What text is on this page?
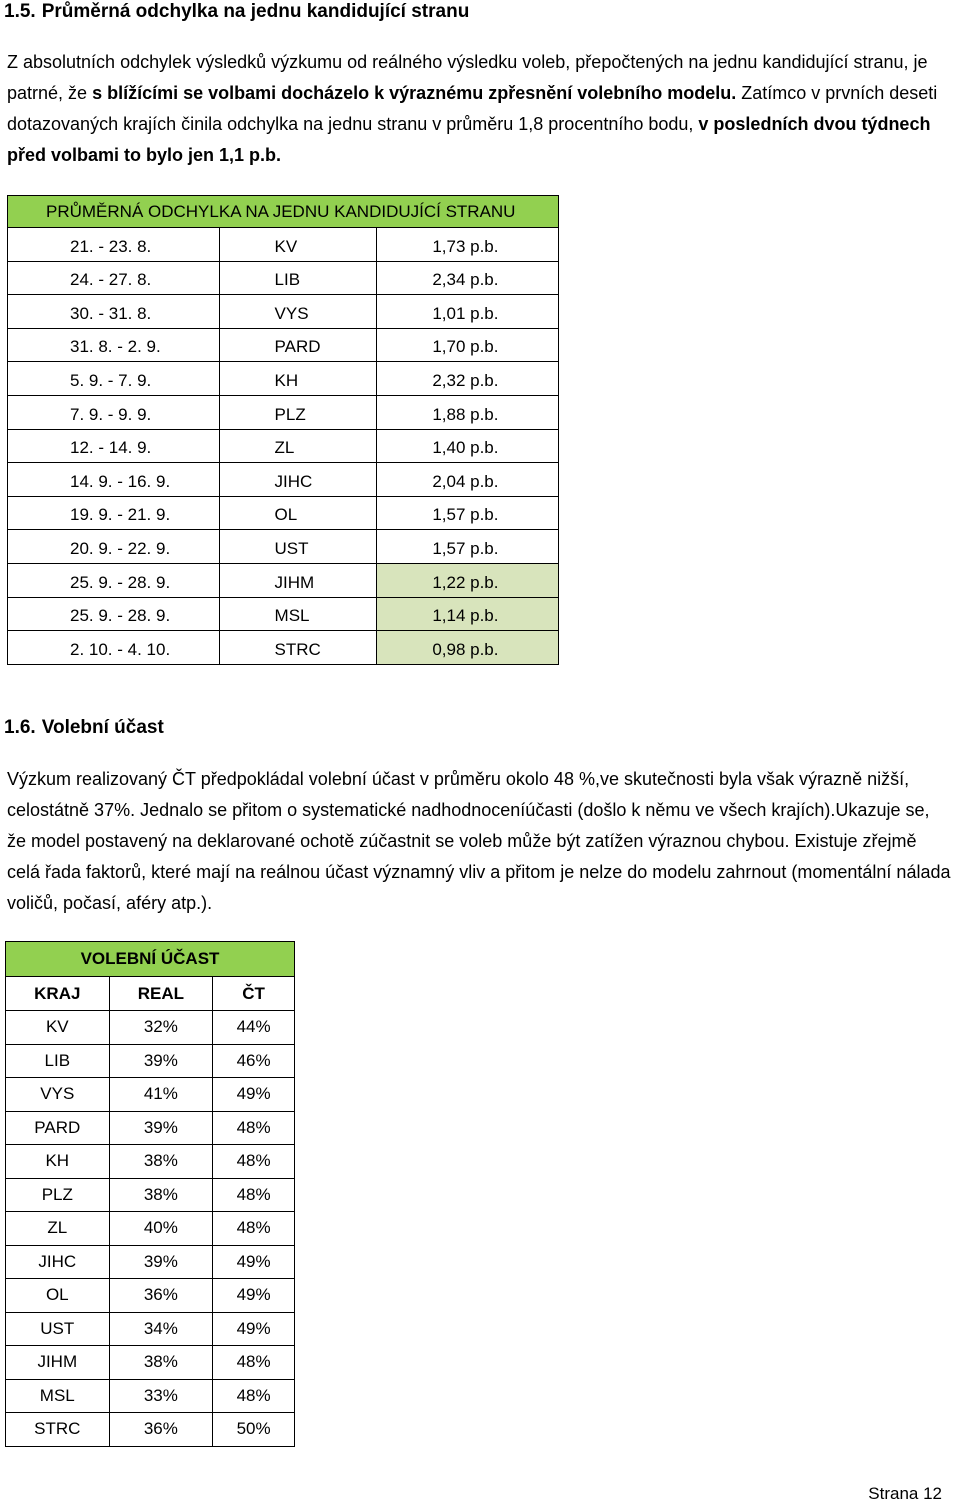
1.5. Průměrná odchylka na jednu kandidující stranu
Z absolutních odchylek výsledků výzkumu od reálného výsledku voleb, přepočtených na jednu kandidující stranu, je patrné, že s blížícími se volbami docházelo k výraznému zpřesnění volebního modelu. Zatímco v prvních deseti dotazovaných krajích činila odchylka na jednu stranu v průměru 1,8 procentního bodu, v posledních dvou týdnech před volbami to bylo jen 1,1 p.b.
PRŮMĚRNÁ ODCHYLKA NA JEDNU KANDIDUJÍCÍ STRANU		
21. - 23. 8.	KV	1,73 p.b.
24. - 27. 8.	LIB	2,34 p.b.
30. - 31. 8.	VYS	1,01 p.b.
31. 8. - 2. 9.	PARD	1,70 p.b.
5. 9. - 7. 9.	KH	2,32 p.b.
7. 9. - 9. 9.	PLZ	1,88 p.b.
12. - 14. 9.	ZL	1,40 p.b.
14. 9. - 16. 9.	JIHC	2,04 p.b.
19. 9. - 21. 9.	OL	1,57 p.b.
20. 9. - 22. 9.	UST	1,57 p.b.
25. 9. - 28. 9.	JIHM	1,22 p.b.
25. 9. - 28. 9.	MSL	1,14 p.b.
2. 10. - 4. 10.	STRC	0,98 p.b.
1.6. Volební účast
Výzkum realizovaný ČT předpokládal volební účast v průměru okolo 48 %,ve skutečnosti byla však výrazně nižší, celostátně 37%. Jednalo se přitom o systematické nadhodnoceníúčasti (došlo k němu ve všech krajích).Ukazuje se, že model postavený na deklarované ochotě zúčastnit se voleb může být zatížen výraznou chybou. Existuje zřejmě celá řada faktorů, které mají na reálnou účast významný vliv a přitom je nelze do modelu zahrnout (momentální nálada voličů, počasí, aféry atp.).
VOLEBNÍ ÚČAST		
KRAJ	REAL	ČT
KV	32%	44%
LIB	39%	46%
VYS	41%	49%
PARD	39%	48%
KH	38%	48%
PLZ	38%	48%
ZL	40%	48%
JIHC	39%	49%
OL	36%	49%
UST	34%	49%
JIHM	38%	48%
MSL	33%	48%
STRC	36%	50%
Strana 12
